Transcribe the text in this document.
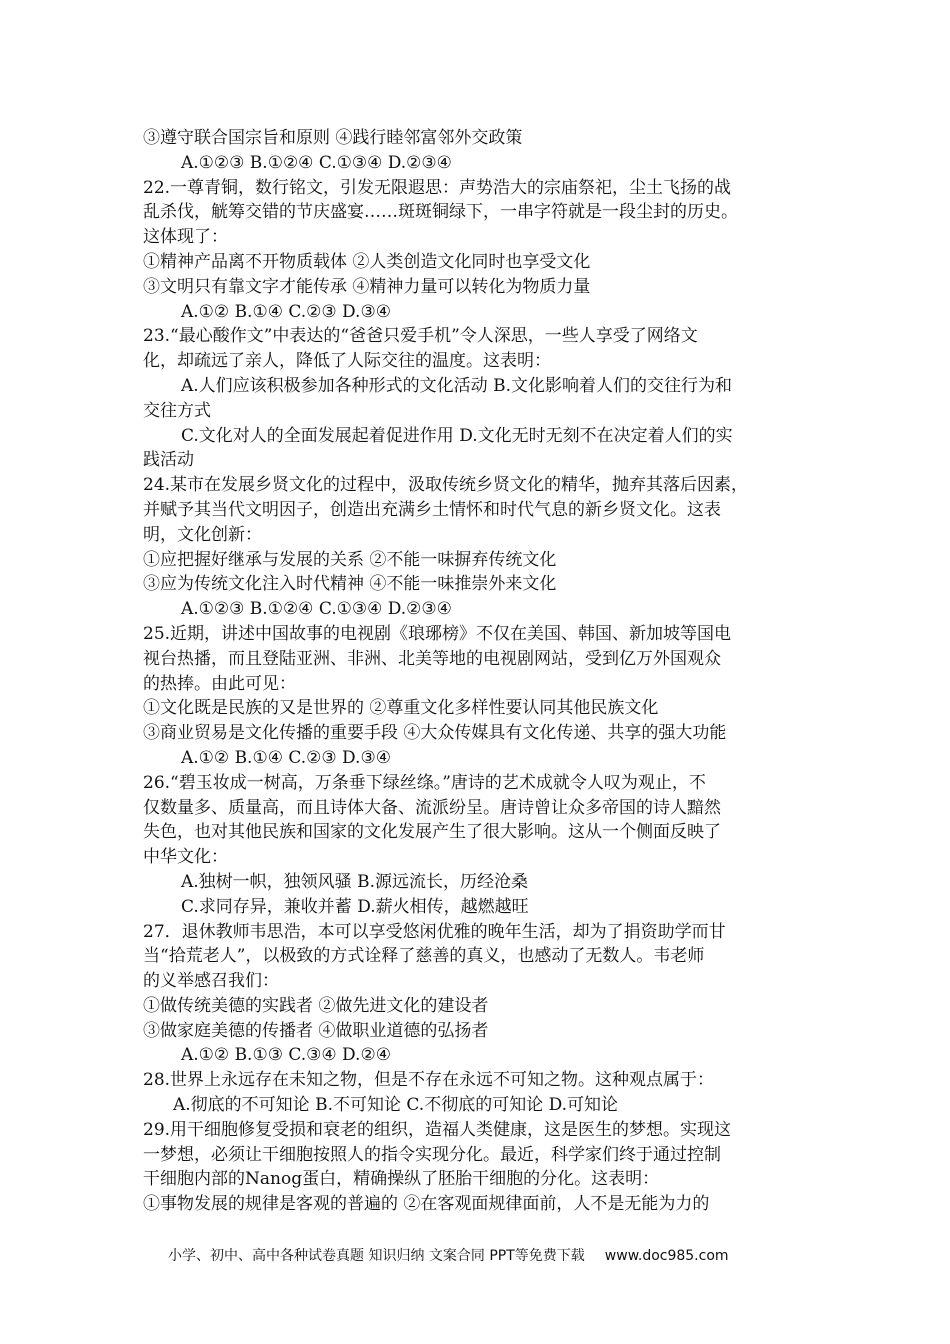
③遵守联合国宗旨和原则 ④践行睦邻富邻外交政策
A.①②③ B.①②④ C.①③④ D.②③④
22.一尊青铜，数行铭文，引发无限遐思：声势浩大的宗庙祭祀，尘土飞扬的战
乱杀伐，觥筹交错的节庆盛宴……斑斑铜绿下，一串字符就是一段尘封的历史。
这体现了：
①精神产品离不开物质载体 ②人类创造文化同时也享受文化
③文明只有靠文字才能传承 ④精神力量可以转化为物质力量
A.①② B.①④ C.②③ D.③④
23.“最心酸作文”中表达的“爸爸只爱手机”令人深思，一些人享受了网络文
化，却疏远了亲人，降低了人际交往的温度。这表明：
A.人们应该积极参加各种形式的文化活动 B.文化影响着人们的交往行为和
交往方式
C.文化对人的全面发展起着促进作用 D.文化无时无刻不在决定着人们的实
践活动
24.某市在发展乡贤文化的过程中，汲取传统乡贤文化的精华，抛弃其落后因素，
并赋予其当代文明因子，创造出充满乡土情怀和时代气息的新乡贤文化。这表
明，文化创新：
①应把握好继承与发展的关系 ②不能一味摒弃传统文化
③应为传统文化注入时代精神 ④不能一味推崇外来文化
A.①②③ B.①②④ C.①③④ D.②③④
25.近期，讲述中国故事的电视剧《琅琊榜》不仅在美国、韩国、新加坡等国电
视台热播，而且登陆亚洲、非洲、北美等地的电视剧网站，受到亿万外国观众
的热捧。由此可见：
①文化既是民族的又是世界的 ②尊重文化多样性要认同其他民族文化
③商业贸易是文化传播的重要手段 ④大众传媒具有文化传递、共享的强大功能
A.①② B.①④ C.②③ D.③④
26.“碧玉妆成一树高，万条垂下绿丝绦。”唐诗的艺术成就令人叹为观止，不
仅数量多、质量高，而且诗体大备、流派纷呈。唐诗曾让众多帝国的诗人黯然
失色，也对其他民族和国家的文化发展产生了很大影响。这从一个侧面反映了
中华文化：
A.独树一帜，独领风骚 B.源远流长，历经沧桑
C.求同存异，兼收并蓄 D.薪火相传，越燃越旺
27．退休教师韦思浩，本可以享受悠闲优雅的晚年生活，却为了捐资助学而甘
当“拾荒老人”，以极致的方式诠释了慈善的真义，也感动了无数人。韦老师
的义举感召我们：
①做传统美德的实践者 ②做先进文化的建设者
③做家庭美德的传播者 ④做职业道德的弘扬者
A.①② B.①③ C.③④ D.②④
28.世界上永远存在未知之物，但是不存在永远不可知之物。这种观点属于：
A.彻底的不可知论 B.不可知论 C.不彻底的可知论 D.可知论
29.用干细胞修复受损和衰老的组织，造福人类健康，这是医生的梦想。实现这
一梦想，必须让干细胞按照人的指令实现分化。最近，科学家们终于通过控制
干细胞内部的Nanog蛋白，精确操纵了胚胎干细胞的分化。这表明：
①事物发展的规律是客观的普遍的 ②在客观面规律面前，人不是无能为力的
小学、初中、高中各种试卷真题 知识归纳 文案合同 PPT等免费下载 www.doc985.com
